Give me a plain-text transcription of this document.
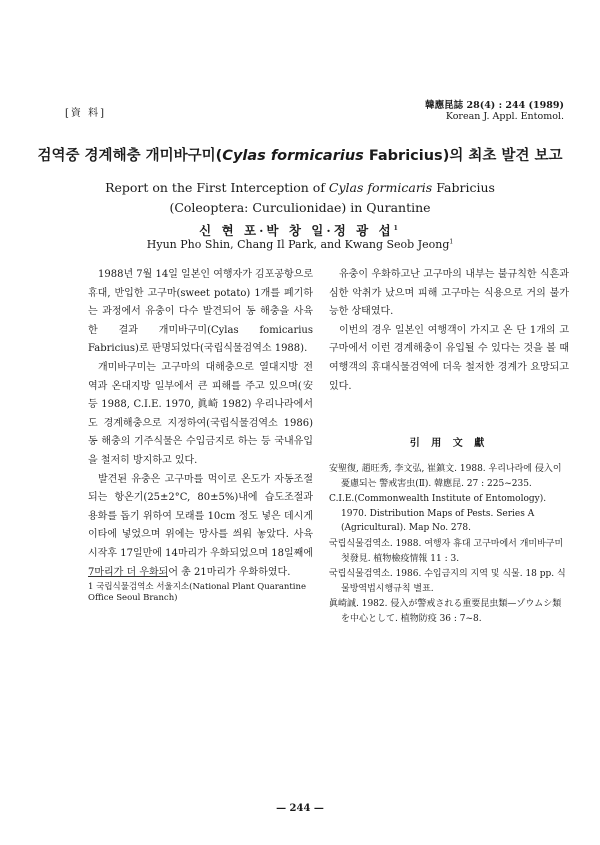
[資 料]
韓應昆誌 28(4) : 244 (1989)
Korean J. Appl. Entomol.
검역중 경계해충 개미바구미(Cylas formicarius Fabricius)의 최초 발견 보고
Report on the First Interception of Cylas formicaris Fabricius
(Coleoptera: Curculionidae) in Qurantine
신 현 포·박 창 일·정 광 섭$^1$
Hyun Pho Shin, Chang Il Park, and Kwang Seob Jeong$^1$

1988년 7월 14일 일본인 여행자가 김포공항으로 휴대, 반입한 고구마(sweet potato) 1개를 폐기하는 과정에서 유충이 다수 발견되어 동 해충을 사육한 결과 개미바구미(Cylas fomicarius Fabricius)로 판명되었다(국립식물검역소 1988).

개미바구미는 고구마의 대해충으로 열대지방 전역과 온대지방 일부에서 큰 피해를 주고 있으며(安 등 1988, C.I.E. 1970, 眞崎 1982) 우리나라에서도 경계해충으로 지정하여(국립식물검역소 1986) 동 해충의 기주식물은 수입금지로 하는 등 국내유입을 철저히 방지하고 있다.

발견된 유충은 고구마를 먹이로 온도가 자동조절되는 항온기(25±2°C, 80±5%)내에 습도조절과 용화를 돕기 위하여 모래를 10cm 정도 넣은 데시게이타에 넣었으며 위에는 망사를 씌워 놓았다. 사육시작후 17일만에 14마리가 우화되었으며 18일째에 7마리가 더 우화되어 총 21마리가 우화하였다.

1 국립식물검역소 서울지소(National Plant Quarantine Office Seoul Branch)

유충이 우화하고난 고구마의 내부는 불규칙한 식흔과 심한 악취가 났으며 피해 고구마는 식용으로 거의 불가능한 상태였다.

이번의 경우 일본인 여행객이 가지고 온 단 1개의 고구마에서 이런 경계해충이 유입될 수 있다는 것을 볼 때 여행객의 휴대식물검역에 더욱 철저한 경계가 요망되고 있다.

引 用 文 獻

安聖復, 趙旺秀, 李文弘, 崔鎮文. 1988. 우리나라에 侵入이 憂慮되는 警戒害虫(Ⅱ). 韓應昆. 27 : 225~235.

C.I.E.(Commonwealth Institute of Entomology). 1970. Distribution Maps of Pests. Series A (Agricultural). Map No. 278.

국립식물검역소. 1988. 여행자 휴대 고구마에서 개미바구미 첫發見. 植物檢疫情報 11 : 3.

국립식물검역소. 1986. 수입금지의 지역 및 식물. 18 pp. 식물방역법시행규칙 별표.

眞崎誠. 1982. 侵入が警戒される重要昆虫類—ゾウムシ類を中心として. 植物防疫 36 : 7~8.

— 244 —
